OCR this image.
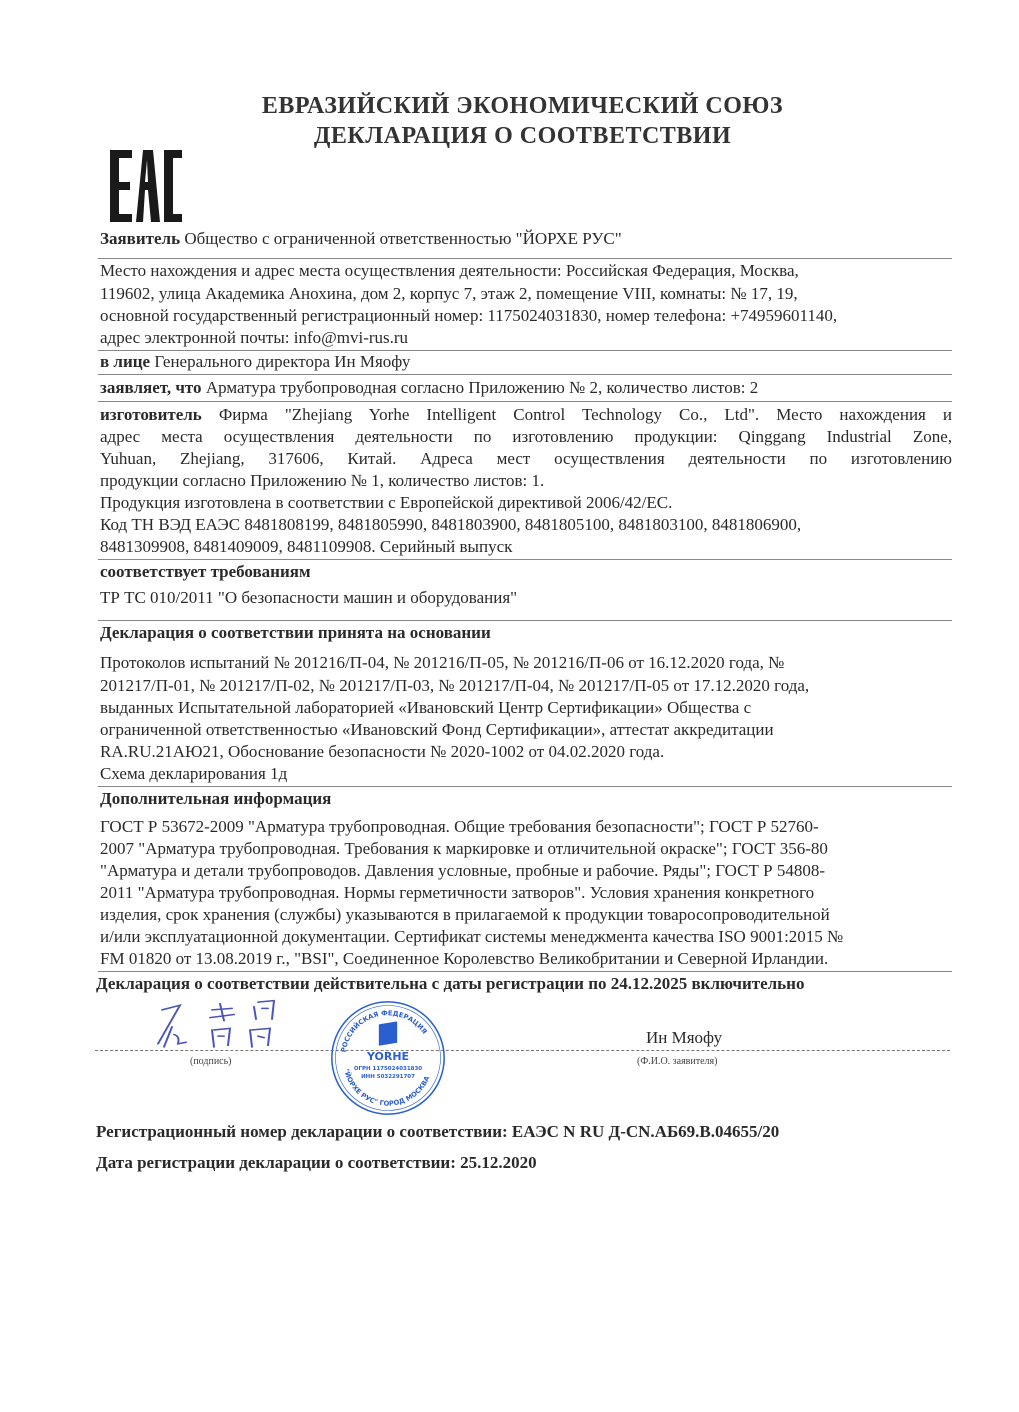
ЕВРАЗИЙСКИЙ ЭКОНОМИЧЕСКИЙ СОЮЗ
ДЕКЛАРАЦИЯ О СООТВЕТСТВИИ
Заявитель Общество с ограниченной ответственностью "ЙОРХЕ РУС"
Место нахождения и адрес места осуществления деятельности: Российская Федерация, Москва,
119602, улица Академика Анохина, дом 2, корпус 7, этаж 2, помещение VIII, комнаты: № 17, 19,
основной государственный регистрационный номер: 1175024031830, номер телефона: +74959601140,
адрес электронной почты: info@mvi-rus.ru
в лице Генерального директора Ин Мяофу
заявляет, что Арматура трубопроводная согласно Приложению № 2, количество листов: 2
изготовитель Фирма "Zhejiang Yorhe Intelligent Control Technology Co., Ltd". Место нахождения и
адрес места осуществления деятельности по изготовлению продукции: Qinggang Industrial Zone,
Yuhuan, Zhejiang, 317606, Китай. Адреса мест осуществления деятельности по изготовлению
продукции согласно Приложению № 1, количество листов: 1.
Продукция изготовлена в соответствии с Европейской директивой 2006/42/ЕС.
Код ТН ВЭД ЕАЭС 8481808199, 8481805990, 8481803900, 8481805100, 8481803100, 8481806900,
8481309908, 8481409009, 8481109908. Серийный выпуск
соответствует требованиям
ТР ТС 010/2011 "О безопасности машин и оборудования"
Декларация о соответствии принята на основании
Протоколов испытаний № 201216/П-04, № 201216/П-05, № 201216/П-06 от 16.12.2020 года, №
201217/П-01, № 201217/П-02, № 201217/П-03, № 201217/П-04, № 201217/П-05 от 17.12.2020 года,
выданных Испытательной лабораторией «Ивановский Центр Сертификации» Общества с
ограниченной ответственностью «Ивановский Фонд Сертификации», аттестат аккредитации
RA.RU.21АЮ21, Обоснование безопасности № 2020-1002 от 04.02.2020 года.
Схема декларирования 1д
Дополнительная информация
ГОСТ Р 53672-2009 "Арматура трубопроводная. Общие требования безопасности"; ГОСТ Р 52760-
2007 "Арматура трубопроводная. Требования к маркировке и отличительной окраске"; ГОСТ 356-80
"Арматура и детали трубопроводов. Давления условные, пробные и рабочие. Ряды"; ГОСТ Р 54808-
2011 "Арматура трубопроводная. Нормы герметичности затворов". Условия хранения конкретного
изделия, срок хранения (службы) указываются в прилагаемой к продукции товаросопроводительной
и/или эксплуатационной документации. Сертификат системы менеджмента качества ISO 9001:2015 №
FM 01820 от 13.08.2019 г., "BSI", Соединенное Королевство Великобритании и Северной Ирландии.
Декларация о соответствии действительна с даты регистрации по 24.12.2025 включительно
(подпись)
Ин Мяофу
(Ф.И.О. заявителя)
РОССИЙСКАЯ ФЕДЕРАЦИЯ
"ЙОРХЕ РУС" ГОРОД МОСКВА
YORHE
ОГРН 1175024031830
ИНН 5032291707
Регистрационный номер декларации о соответствии: ЕАЭС N RU Д-CN.АБ69.В.04655/20
Дата регистрации декларации о соответствии: 25.12.2020
